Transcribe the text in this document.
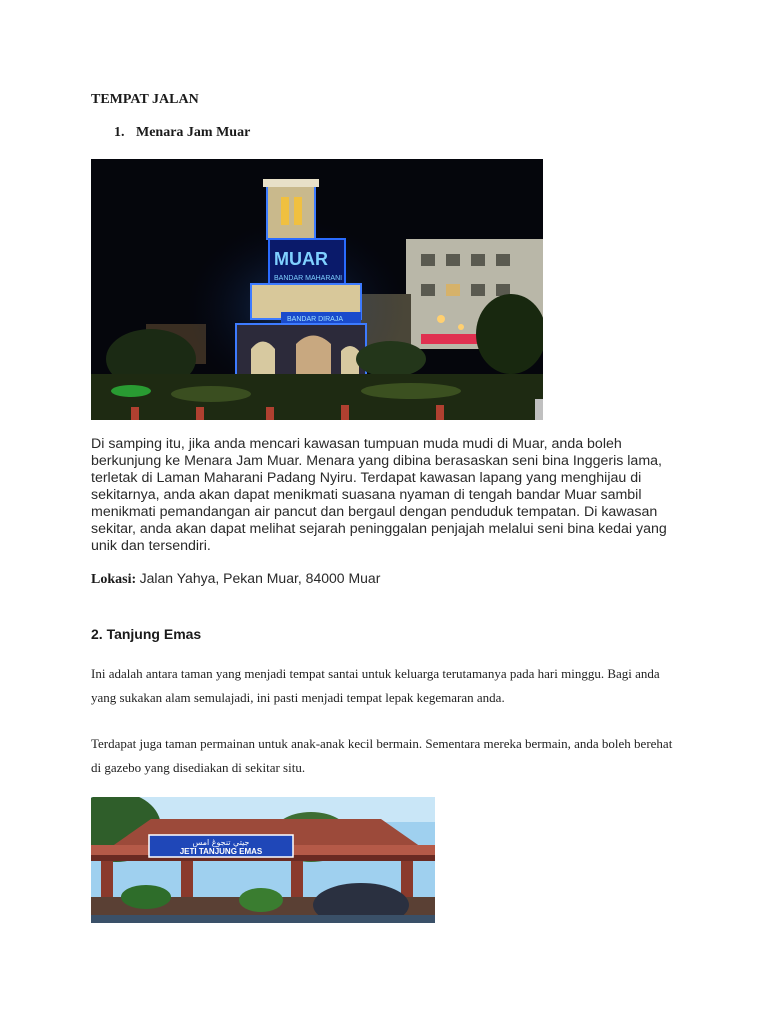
TEMPAT JALAN
1. Menara Jam Muar
MUAR
BANDAR MAHARANI
BANDAR DIRAJA
Di samping itu, jika anda mencari kawasan tumpuan muda mudi di Muar, anda boleh berkunjung ke Menara Jam Muar. Menara yang dibina berasaskan seni bina Inggeris lama, terletak di Laman Maharani Padang Nyiru. Terdapat kawasan lapang yang menghijau di sekitarnya, anda akan dapat menikmati suasana nyaman di tengah bandar Muar sambil menikmati pemandangan air pancut dan bergaul dengan penduduk tempatan. Di kawasan sekitar, anda akan dapat melihat sejarah peninggalan penjajah melalui seni bina kedai yang unik dan tersendiri.
Lokasi: Jalan Yahya, Pekan Muar, 84000 Muar
2. Tanjung Emas
Ini adalah antara taman yang menjadi tempat santai untuk keluarga terutamanya pada hari minggu. Bagi anda yang sukakan alam semulajadi, ini pasti menjadi tempat lepak kegemaran anda.
Terdapat juga taman permainan untuk anak-anak kecil bermain. Sementara mereka bermain, anda boleh berehat di gazebo yang disediakan di sekitar situ.
جيتي تنجوڠ امس
JETI TANJUNG EMAS
